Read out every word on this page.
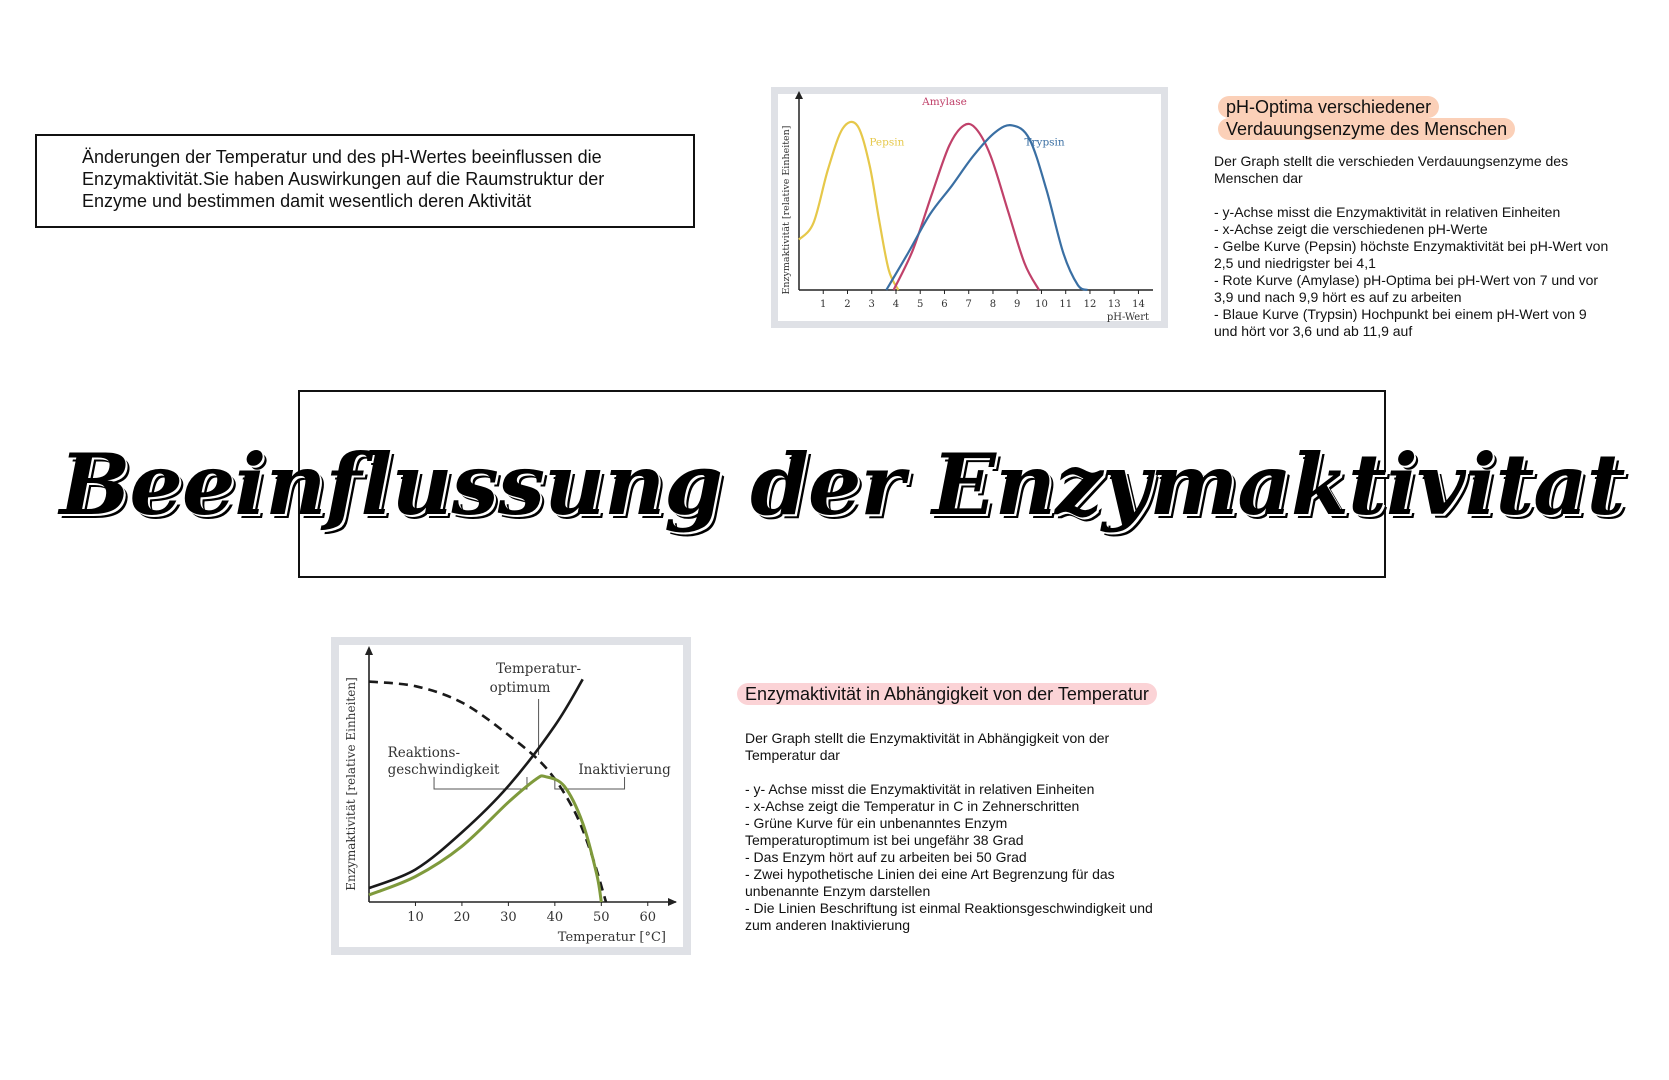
Änderungen der Temperatur und des pH-Wertes beeinflussen die
Enzymaktivität.Sie haben Auswirkungen auf die Raumstruktur der
Enzyme und bestimmen damit wesentlich deren Aktivität
1 2 3 4 5 6 7 8 9 10 11 12 13 14
pH-Wert
Enzymaktivität [relative Einheiten]	Pepsin
Amylase
Trypsin
pH-Optima verschiedener
Verdauungsenzyme des Menschen

Der Graph stellt die verschieden Verdauungsenzyme des

Menschen dar

- y-Achse misst die Enzymaktivität in relativen Einheiten

- x-Achse zeigt die verschiedenen pH-Werte

- Gelbe Kurve (Pepsin) höchste Enzymaktivität bei pH-Wert von

2,5 und niedrigster bei 4,1

- Rote Kurve (Amylase) pH-Optima bei pH-Wert von 7 und vor

3,9 und nach 9,9 hört es auf zu arbeiten

- Blaue Kurve (Trypsin) Hochpunkt bei einem pH-Wert von 9

und hört vor 3,6 und ab 11,9 auf

Beeinflussung der Enzymaktivitat
10 20 30 40 50 60
Temperatur [°C]
Enzymaktivität [relative Einheiten]
Temperatur-
optimum
Reaktions-
geschwindigkeit	Inaktivierung
Enzymaktivität in Abhängigkeit von der Temperatur

Der Graph stellt die Enzymaktivität in Abhängigkeit von der

Temperatur dar

- y- Achse misst die Enzymaktivität in relativen Einheiten

- x-Achse zeigt die Temperatur in C in Zehnerschritten

- Grüne Kurve für ein unbenanntes Enzym

Temperaturoptimum ist bei ungefähr 38 Grad

- Das Enzym hört auf zu arbeiten bei 50 Grad

- Zwei hypothetische Linien dei eine Art Begrenzung für das

unbenannte Enzym darstellen

- Die Linien Beschriftung ist einmal Reaktionsgeschwindigkeit und

zum anderen Inaktivierung
